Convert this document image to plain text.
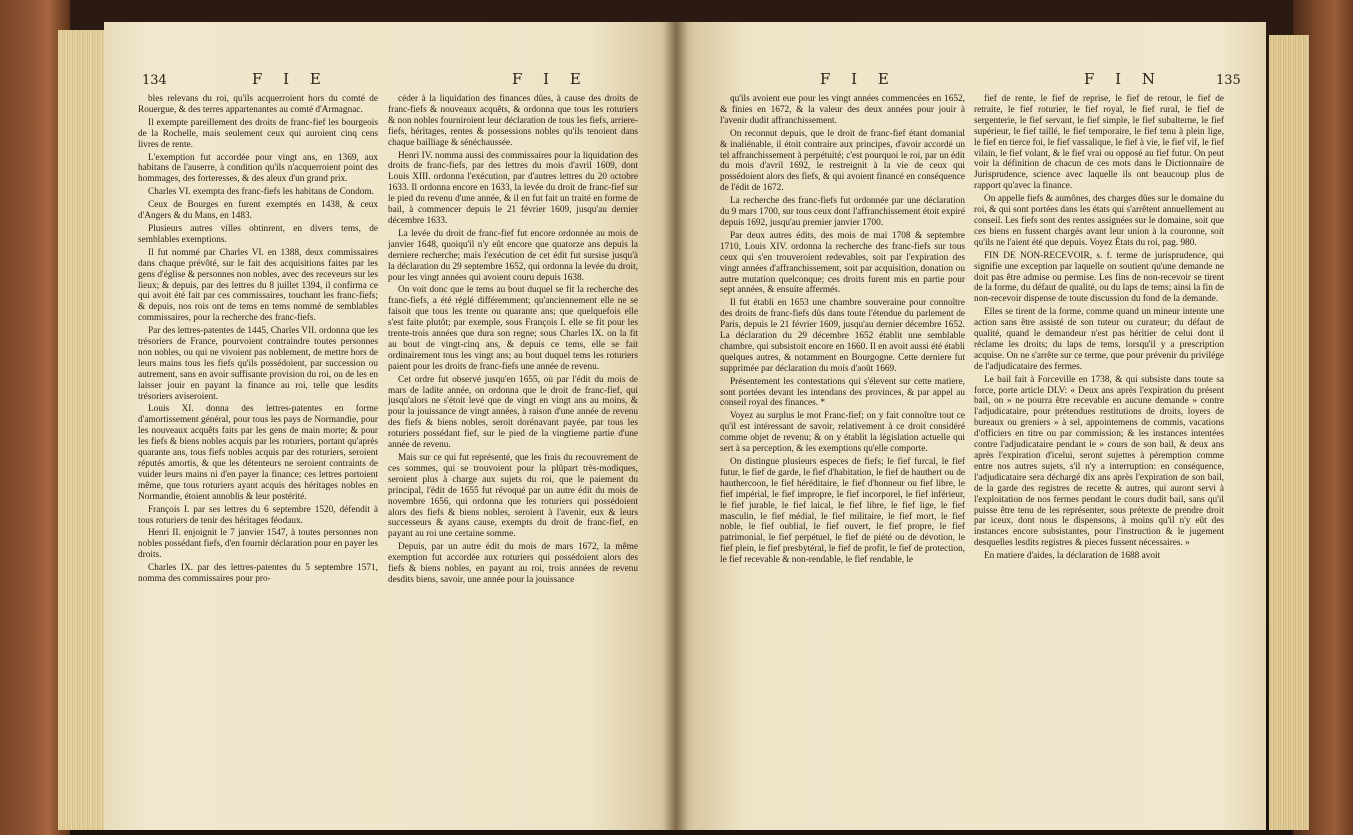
134	F I E	F I E

bles relevans du roi, qu'ils acquerroient hors du comté de Rouergue, & des terres appartenantes au comté d'Armagnac.

Il exempte pareillement des droits de franc-fief les bourgeois de la Rochelle, mais seulement ceux qui auroient cinq cens livres de rente.

L'exemption fut accordée pour vingt ans, en 1369, aux habitans de l'auserre, à condition qu'ils n'acquerroient point des hommages, des forteresses, & des aleux d'un grand prix.

Charles VI. exempta des franc-fiefs les habitans de Condom.

Ceux de Bourges en furent exemptés en 1438, & ceux d'Angers & du Mans, en 1483.

Plusieurs autres villes obtinrent, en divers tems, de semblables exemptions.

Il fut nommé par Charles VI. en 1388, deux commissaires dans chaque prévôté, sur le fait des acquisitions faites par les gens d'église & personnes non nobles, avec des receveurs sur les lieux; & depuis, par des lettres du 8 juillet 1394, il confirma ce qui avoit été fait par ces commissaires, touchant les franc-fiefs; & depuis, nos rois ont de tems en tems nommé de semblables commissaires, pour la recherche des franc-fiefs.

Par des lettres-patentes de 1445, Charles VII. ordonna que les trésoriers de France, pourvoient contraindre toutes personnes non nobles, ou qui ne vivoient pas noblement, de mettre hors de leurs mains tous les fiefs qu'ils possédoient, par succession ou autrement, sans en avoir suffisante provision du roi, ou de les en laisser jouir en payant la finance au roi, telle que lesdits trésoriers aviseroient.

Louis XI. donna des lettres-patentes en forme d'amortissement général, pour tous les pays de Normandie, pour les nouveaux acquêts faits par les gens de main morte; & pour les fiefs & biens nobles acquis par les roturiers, portant qu'après quarante ans, tous fiefs nobles acquis par des roturiers, seroient réputés amortis, & que les détenteurs ne seroient contraints de vuider leurs mains ni d'en payer la finance; ces lettres portoient même, que tous roturiers ayant acquis des héritages nobles en Normandie, étoient annoblis & leur postérité.

François I. par ses lettres du 6 septembre 1520, défendit à tous roturiers de tenir des héritages féodaux.

Henri II. enjoignit le 7 janvier 1547, à toutes personnes non nobles possédant fiefs, d'en fournir déclaration pour en payer les droits.

Charles IX. par des lettres-patentes du 5 septembre 1571, nomma des commissaires pour pro-

céder à la liquidation des finances dûes, à cause des droits de franc-fiefs & nouveaux acquêts, & ordonna que tous les roturiers & non nobles fourniroient leur déclaration de tous les fiefs, arriere-fiefs, héritages, rentes & possessions nobles qu'ils tenoient dans chaque bailliage & sénéchaussée.

Henri IV. nomma aussi des commissaires pour la liquidation des droits de franc-fiefs, par des lettres du mois d'avril 1609, dont Louis XIII. ordonna l'exécution, par d'autres lettres du 20 octobre 1633. Il ordonna encore en 1633, la levée du droit de franc-fief sur le pied du revenu d'une année, & il en fut fait un traité en forme de bail, à commencer depuis le 21 février 1609, jusqu'au dernier décembre 1633.

La levée du droit de franc-fief fut encore ordonnée au mois de janvier 1648, quoiqu'il n'y eût encore que quatorze ans depuis la derniere recherche; mais l'exécution de cet édit fut sursise jusqu'à la déclaration du 29 septembre 1652, qui ordonna la levée du droit, pour les vingt années qui avoient couru depuis 1638.

On voit donc que le tems au bout duquel se fit la recherche des franc-fiefs, a été réglé différemment; qu'anciennement elle ne se faisoit que tous les trente ou quarante ans; que quelquefois elle s'est faite plutôt; par exemple, sous François I. elle se fit pour les trente-trois années que dura son regne; sous Charles IX. on la fit au bout de vingt-cinq ans, & depuis ce tems, elle se fait ordinairement tous les vingt ans; au bout duquel tems les roturiers paient pour les droits de franc-fiefs une année de revenu.

Cet ordre fut observé jusqu'en 1655, où par l'édit du mois de mars de ladite année, on ordonna que le droit de franc-fief, qui jusqu'alors ne s'étoit levé que de vingt en vingt ans au moins, & pour la jouissance de vingt années, à raison d'une année de revenu des fiefs & biens nobles, seroit dorénavant payée, par tous les roturiers possédant fief, sur le pied de la vingtieme partie d'une année de revenu.

Mais sur ce qui fut représenté, que les frais du recouvrement de ces sommes, qui se trouvoient pour la plûpart très-modiques, seroient plus à charge aux sujets du roi, que le paiement du principal, l'édit de 1655 fut révoqué par un autre édit du mois de novembre 1656, qui ordonna que les roturiers qui possédoient alors des fiefs & biens nobles, seroient à l'avenir, eux & leurs successeurs & ayans cause, exempts du droit de franc-fief, en payant au roi une certaine somme.

Depuis, par un autre édit du mois de mars 1672, la même exemption fut accordée aux roturiers qui possédoient alors des fiefs & biens nobles, en payant au roi, trois années de revenu desdits biens, savoir, une année pour la jouissance

F I E	F I N	135

qu'ils avoient eue pour les vingt années commencées en 1652, & finies en 1672, & la valeur des deux années pour jouir à l'avenir dudit affranchissement.

On reconnut depuis, que le droit de franc-fief étant domanial & inaliénable, il étoit contraire aux principes, d'avoir accordé un tel affranchissement à perpétuité; c'est pourquoi le roi, par un édit du mois d'avril 1692, le restreignit à la vie de ceux qui possédoient alors des fiefs, & qui avoient financé en conséquence de l'édit de 1672.

La recherche des franc-fiefs fut ordonnée par une déclaration du 9 mars 1700, sur tous ceux dont l'affranchissement étoit expiré depuis 1692, jusqu'au premier janvier 1700.

Par deux autres édits, des mois de mai 1708 & septembre 1710, Louis XIV. ordonna la recherche des franc-fiefs sur tous ceux qui s'en trouveroient redevables, soit par l'expiration des vingt années d'affranchissement, soit par acquisition, donation ou autre mutation quelconque; ces droits furent mis en partie pour sept années, & ensuite affermés.

Il fut établi en 1653 une chambre souveraine pour connoître des droits de franc-fiefs dûs dans toute l'étendue du parlement de Paris, depuis le 21 février 1609, jusqu'au dernier décembre 1652. La déclaration du 29 décembre 1652 établit une semblable chambre, qui subsistoit encore en 1660. Il en avoit aussi été établi quelques autres, & notamment en Bourgogne. Cette derniere fut supprimée par déclaration du mois d'août 1669.

Présentement les contestations qui s'élevent sur cette matiere, sont portées devant les intendans des provinces, & par appel au conseil royal des finances. *

Voyez au surplus le mot Franc-fief; on y fait connoître tout ce qu'il est intéressant de savoir, relativement à ce droit considéré comme objet de revenu; & on y établit la législation actuelle qui sert à sa perception, & les exemptions qu'elle comporte.

On distingue plusieurs especes de fiefs; le fief furcal, le fief futur, le fief de garde, le fief d'habitation, le fief de hauthert ou de hauthercoon, le fief héréditaire, le fief d'honneur ou fief libre, le fief impérial, le fief impropre, le fief incorporel, le fief inférieur, le fief jurable, le fief laical, le fief libre, le fief lige, le fief masculin, le fief médial, le fief militaire, le fief mort, le fief noble, le fief oublial, le fief ouvert, le fief propre, le fief patrimonial, le fief perpétuel, le fief de piété ou de dévotion, le fief plein, le fief presbytéral, le fief de profit, le fief de protection, le fief recevable & non-rendable, le fief rendable, le

fief de rente, le fief de reprise, le fief de retour, le fief de retraite, le fief roturier, le fief royal, le fief rural, le fief de sergenterie, le fief servant, le fief simple, le fief subalterne, le fief supérieur, le fief taillé, le fief temporaire, le fief tenu à plein lige, le fief en tierce foi, le fief vassalique, le fief à vie, le fief vif, le fief vilain, le fief volant, & le fief vrai ou opposé au fief futur. On peut voir la définition de chacun de ces mots dans le Dictionnaire de Jurisprudence, science avec laquelle ils ont beaucoup plus de rapport qu'avec la finance.

On appelle fiefs & aumônes, des charges dûes sur le domaine du roi, & qui sont portées dans les états qui s'arrêtent annuellement au conseil. Les fiefs sont des rentes assignées sur le domaine, soit que ces biens en fussent chargés avant leur union à la couronne, soit qu'ils ne l'aient été que depuis. Voyez États du roi, pag. 980.

FIN DE NON-RECEVOIR, s. f. terme de jurisprudence, qui signifie une exception par laquelle on soutient qu'une demande ne doit pas être admise ou permise. Les fins de non-recevoir se tirent de la forme, du défaut de qualité, ou du laps de tems; ainsi la fin de non-recevoir dispense de toute discussion du fond de la demande.

Elles se tirent de la forme, comme quand un mineur intente une action sans être assisté de son tuteur ou curateur; du défaut de qualité, quand le demandeur n'est pas héritier de celui dont il réclame les droits; du laps de tems, lorsqu'il y a prescription acquise. On ne s'arrête sur ce terme, que pour prévenir du privilége de l'adjudicataire des fermes.

Le bail fait à Forceville en 1738, & qui subsiste dans toute sa force, porte article DLV: « Deux ans après l'expiration du présent bail, on » ne pourra être recevable en aucune demande » contre l'adjudicataire, pour prétendues restitutions de droits, loyers de bureaux ou greniers » à sel, appointemens de commis, vacations d'officiers en titre ou par commission; & les instances intentées contre l'adjudicataire pendant le » cours de son bail, & deux ans après l'expiration d'icelui, seront sujettes à péremption comme entre nos autres sujets, s'il n'y a interruption: en conséquence, l'adjudicataire sera déchargé dix ans après l'expiration de son bail, de la garde des registres de recette & autres, qui auront servi à l'exploitation de nos fermes pendant le cours dudit bail, sans qu'il puisse être tenu de les représenter, sous prétexte de prendre droit par iceux, dont nous le dispensons, à moins qu'il n'y eût des instances encore subsistantes, pour l'instruction & le jugement desquelles lesdits registres & pieces fussent nécessaires. »

En matiere d'aides, la déclaration de 1688 avoit
